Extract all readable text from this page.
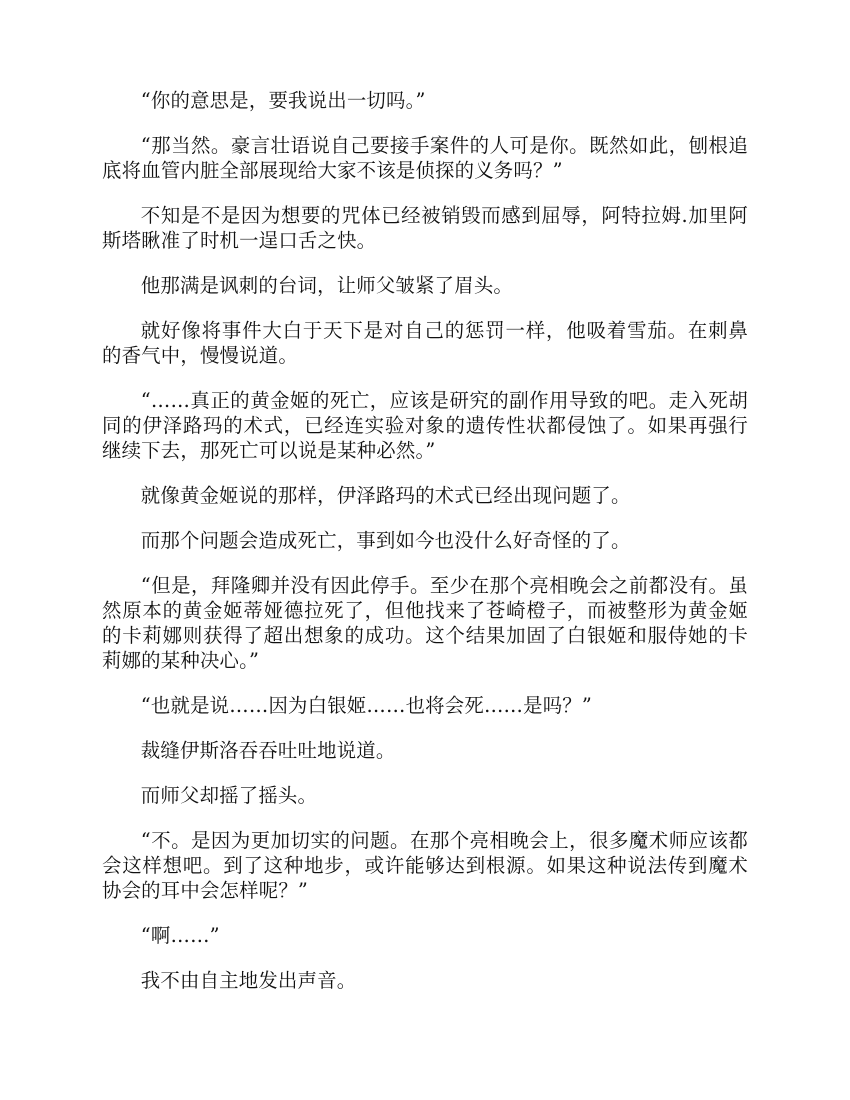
“你的意思是，要我说出一切吗。”

“那当然。豪言壮语说自己要接手案件的人可是你。既然如此，刨根追底将血管内脏全部展现给大家不该是侦探的义务吗？”

不知是不是因为想要的咒体已经被销毁而感到屈辱，阿特拉姆.加里阿斯塔瞅准了时机一逞口舌之快。

他那满是讽刺的台词，让师父皱紧了眉头。

就好像将事件大白于天下是对自己的惩罚一样，他吸着雪茄。在刺鼻的香气中，慢慢说道。

“……真正的黄金姬的死亡，应该是研究的副作用导致的吧。走入死胡同的伊泽路玛的术式，已经连实验对象的遗传性状都侵蚀了。如果再强行继续下去，那死亡可以说是某种必然。”

就像黄金姬说的那样，伊泽路玛的术式已经出现问题了。

而那个问题会造成死亡，事到如今也没什么好奇怪的了。

“但是，拜隆卿并没有因此停手。至少在那个亮相晚会之前都没有。虽然原本的黄金姬蒂娅德拉死了，但他找来了苍崎橙子，而被整形为黄金姬的卡莉娜则获得了超出想象的成功。这个结果加固了白银姬和服侍她的卡莉娜的某种决心。”

“也就是说……因为白银姬……也将会死……是吗？”

裁缝伊斯洛吞吞吐吐地说道。

而师父却摇了摇头。

“不。是因为更加切实的问题。在那个亮相晚会上，很多魔术师应该都会这样想吧。到了这种地步，或许能够达到根源。如果这种说法传到魔术协会的耳中会怎样呢？”

“啊……”

我不由自主地发出声音。
